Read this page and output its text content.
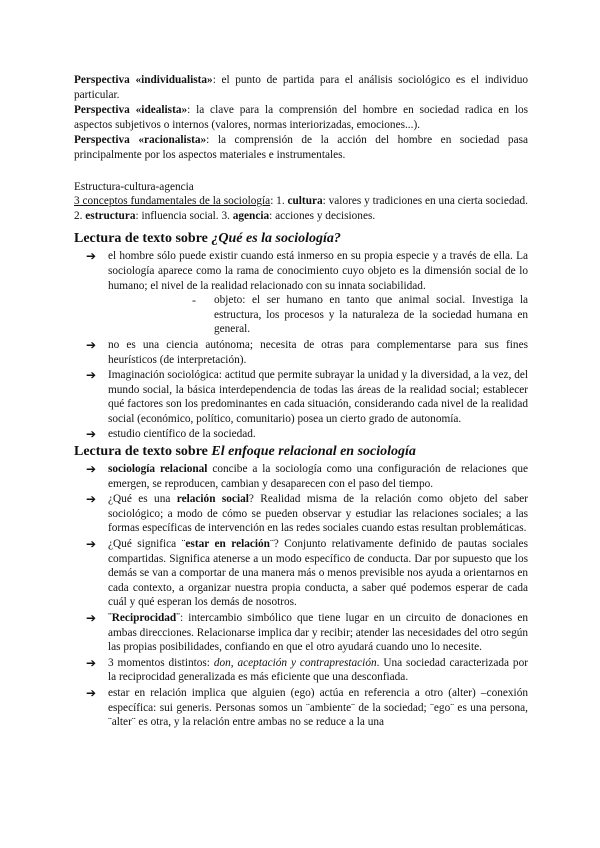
Perspectiva «individualista»: el punto de partida para el análisis sociológico es el individuo particular.

Perspectiva «idealista»: la clave para la comprensión del hombre en sociedad radica en los aspectos subjetivos o internos (valores, normas interiorizadas, emociones...).

Perspectiva «racionalista»: la comprensión de la acción del hombre en sociedad pasa principalmente por los aspectos materiales e instrumentales.

Estructura-cultura-agencia

3 conceptos fundamentales de la sociología: 1. cultura: valores y tradiciones en una cierta sociedad. 2. estructura: influencia social. 3. agencia: acciones y decisiones.

Lectura de texto sobre ¿Qué es la sociología?
➔ el hombre sólo puede existir cuando está inmerso en su propia especie y a través de ella. La sociología aparece como la rama de conocimiento cuyo objeto es la dimensión social de lo humano; el nivel de la realidad relacionado con su innata sociabilidad.
- objeto: el ser humano en tanto que animal social. Investiga la estructura, los procesos y la naturaleza de la sociedad humana en general.
➔ no es una ciencia autónoma; necesita de otras para complementarse para sus fines heurísticos (de interpretación).
➔ Imaginación sociológica: actitud que permite subrayar la unidad y la diversidad, a la vez, del mundo social, la básica interdependencia de todas las áreas de la realidad social; establecer qué factores son los predominantes en cada situación, considerando cada nivel de la realidad social (económico, político, comunitario) posea un cierto grado de autonomía.
➔ estudio científico de la sociedad.
Lectura de texto sobre El enfoque relacional en sociología
➔ sociología relacional concibe a la sociología como una configuración de relaciones que emergen, se reproducen, cambian y desaparecen con el paso del tiempo.
➔ ¿Qué es una relación social? Realidad misma de la relación como objeto del saber sociológico; a modo de cómo se pueden observar y estudiar las relaciones sociales; a las formas específicas de intervención en las redes sociales cuando estas resultan problemáticas.
➔ ¿Qué significa ¨estar en relación¨? Conjunto relativamente definido de pautas sociales compartidas. Significa atenerse a un modo específico de conducta. Dar por supuesto que los demás se van a comportar de una manera más o menos previsible nos ayuda a orientarnos en cada contexto, a organizar nuestra propia conducta, a saber qué podemos esperar de cada cuál y qué esperan los demás de nosotros.
➔ ¨Reciprocidad¨: intercambio simbólico que tiene lugar en un circuito de donaciones en ambas direcciones. Relacionarse implica dar y recibir; atender las necesidades del otro según las propias posibilidades, confiando en que el otro ayudará cuando uno lo necesite.
➔ 3 momentos distintos: don, aceptación y contraprestación. Una sociedad caracterizada por la reciprocidad generalizada es más eficiente que una desconfiada.
➔ estar en relación implica que alguien (ego) actúa en referencia a otro (alter) –conexión específica: sui generis. Personas somos un ¨ambiente¨ de la sociedad; ¨ego¨ es una persona, ¨alter¨ es otra, y la relación entre ambas no se reduce a la una
